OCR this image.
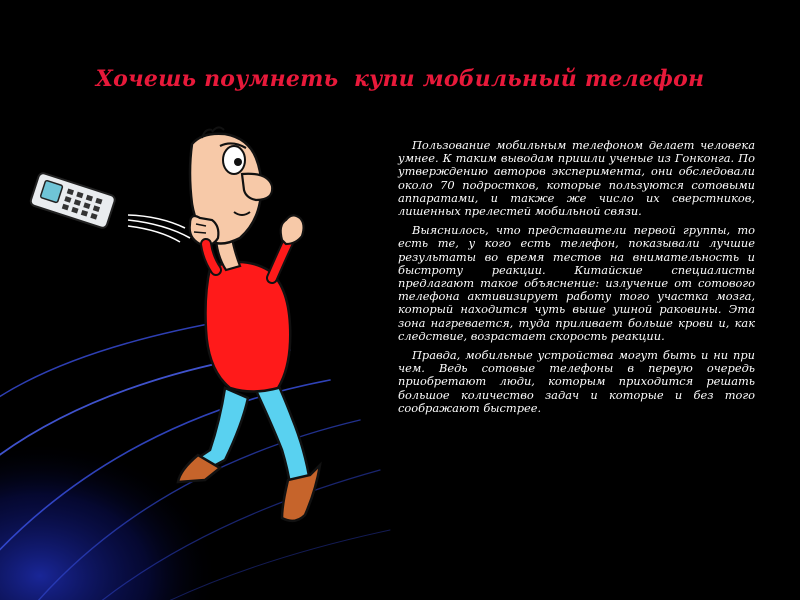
Хочешь поумнеть  купи мобильный телефон

Пользование мобильным телефоном делает человека умнее. К таким выводам пришли ученые из Гонконга. По утверждению авторов эксперимента, они обследовали около 70 подростков, которые пользуются сотовыми аппаратами, и также же число их сверстников, лишенных прелестей мобильной связи.

Выяснилось, что представители первой группы, то есть те, у кого есть телефон, показывали лучшие результаты во время тестов на внимательность и быстроту реакции. Китайские специалисты предлагают такое объяснение: излучение от сотового телефона активизирует работу того участка мозга, который находится чуть выше ушной раковины. Эта зона нагревается, туда приливает больше крови и, как следствие, возрастает скорость реакции.

Правда, мобильные устройства могут быть и ни при чем. Ведь сотовые телефоны в первую очередь приобретают люди, которым приходится решать большое количество задач и которые и без того соображают быстрее.
